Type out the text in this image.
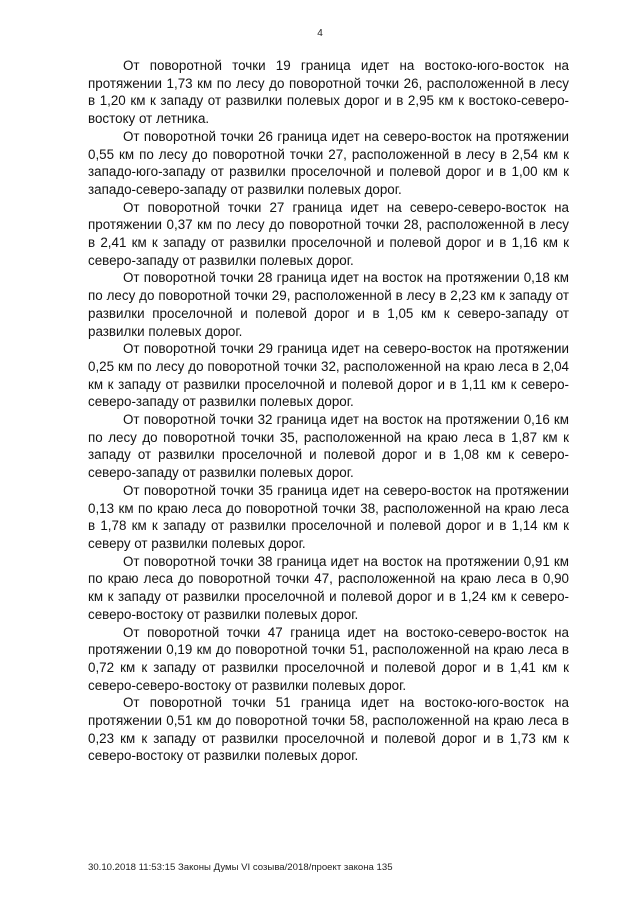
4

От поворотной точки 19 граница идет на востоко-юго-восток на протяжении 1,73 км по лесу до поворотной точки 26, расположенной в лесу в 1,20 км к западу от развилки полевых дорог и в 2,95 км к востоко-северо-востоку от летника.

От поворотной точки 26 граница идет на северо-восток на протяжении 0,55 км по лесу до поворотной точки 27, расположенной в лесу в 2,54 км к западо-юго-западу от развилки проселочной и полевой дорог и в 1,00 км к западо-северо-западу от развилки полевых дорог.

От поворотной точки 27 граница идет на северо-северо-восток на протяжении 0,37 км по лесу до поворотной точки 28, расположенной в лесу в 2,41 км к западу от развилки проселочной и полевой дорог и в 1,16 км к северо-западу от развилки полевых дорог.

От поворотной точки 28 граница идет на восток на протяжении 0,18 км по лесу до поворотной точки 29, расположенной в лесу в 2,23 км к западу от развилки проселочной и полевой дорог и в 1,05 км к северо-западу от развилки полевых дорог.

От поворотной точки 29 граница идет на северо-восток на протяжении 0,25 км по лесу до поворотной точки 32, расположенной на краю леса в 2,04 км к западу от развилки проселочной и полевой дорог и в 1,11 км к северо-северо-западу от развилки полевых дорог.

От поворотной точки 32 граница идет на восток на протяжении 0,16 км по лесу до поворотной точки 35, расположенной на краю леса в 1,87 км к западу от развилки проселочной и полевой дорог и в 1,08 км к северо-северо-западу от развилки полевых дорог.

От поворотной точки 35 граница идет на северо-восток на протяжении 0,13 км по краю леса до поворотной точки 38, расположенной на краю леса в 1,78 км к западу от развилки проселочной и полевой дорог и в 1,14 км к северу от развилки полевых дорог.

От поворотной точки 38 граница идет на восток на протяжении 0,91 км по краю леса до поворотной точки 47, расположенной на краю леса в 0,90 км к западу от развилки проселочной и полевой дорог и в 1,24 км к северо-северо-востоку от развилки полевых дорог.

От поворотной точки 47 граница идет на востоко-северо-восток на протяжении 0,19 км до поворотной точки 51, расположенной на краю леса в 0,72 км к западу от развилки проселочной и полевой дорог и в 1,41 км к северо-северо-востоку от развилки полевых дорог.

От поворотной точки 51 граница идет на востоко-юго-восток на протяжении 0,51 км до поворотной точки 58, расположенной на краю леса в 0,23 км к западу от развилки проселочной и полевой дорог и в 1,73 км к северо-востоку от развилки полевых дорог.

30.10.2018 11:53:15 Законы Думы VI созыва/2018/проект закона 135
